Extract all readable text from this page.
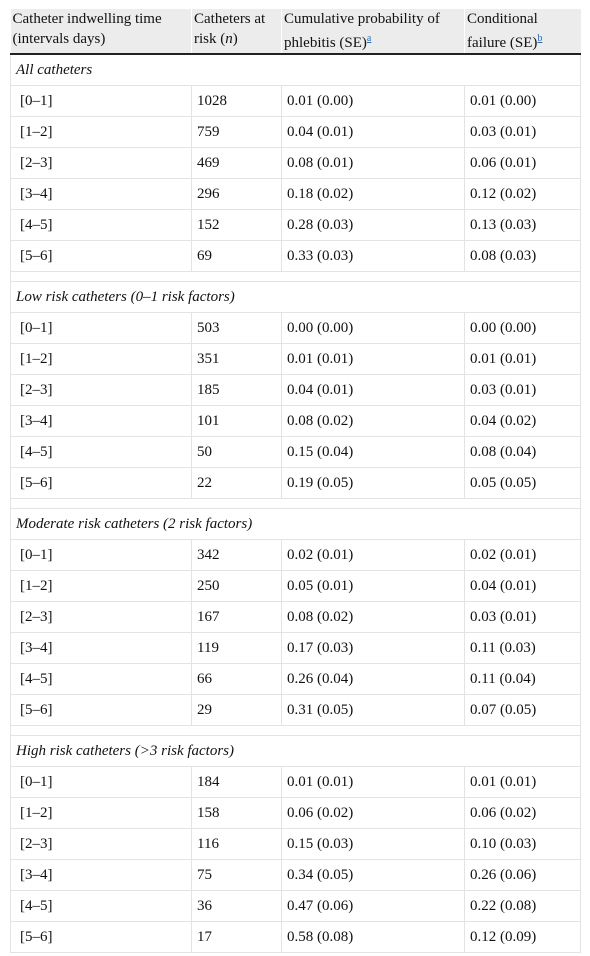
Catheter indwelling time (intervals days)	Catheters at risk (n)	Cumulative probability of phlebitis (SE)$^a$	Conditional failure (SE)$^b$
All catheters			
[0–1]	1028	0.01 (0.00)	0.01 (0.00)
[1–2]	759	0.04 (0.01)	0.03 (0.01)
[2–3]	469	0.08 (0.01)	0.06 (0.01)
[3–4]	296	0.18 (0.02)	0.12 (0.02)
[4–5]	152	0.28 (0.03)	0.13 (0.03)
[5–6]	69	0.33 (0.03)	0.08 (0.03)

Low risk catheters (0–1 risk factors)			
[0–1]	503	0.00 (0.00)	0.00 (0.00)
[1–2]	351	0.01 (0.01)	0.01 (0.01)
[2–3]	185	0.04 (0.01)	0.03 (0.01)
[3–4]	101	0.08 (0.02)	0.04 (0.02)
[4–5]	50	0.15 (0.04)	0.08 (0.04)
[5–6]	22	0.19 (0.05)	0.05 (0.05)

Moderate risk catheters (2 risk factors)			
[0–1]	342	0.02 (0.01)	0.02 (0.01)
[1–2]	250	0.05 (0.01)	0.04 (0.01)
[2–3]	167	0.08 (0.02)	0.03 (0.01)
[3–4]	119	0.17 (0.03)	0.11 (0.03)
[4–5]	66	0.26 (0.04)	0.11 (0.04)
[5–6]	29	0.31 (0.05)	0.07 (0.05)

High risk catheters (>3 risk factors)			
[0–1]	184	0.01 (0.01)	0.01 (0.01)
[1–2]	158	0.06 (0.02)	0.06 (0.02)
[2–3]	116	0.15 (0.03)	0.10 (0.03)
[3–4]	75	0.34 (0.05)	0.26 (0.06)
[4–5]	36	0.47 (0.06)	0.22 (0.08)
[5–6]	17	0.58 (0.08)	0.12 (0.09)
